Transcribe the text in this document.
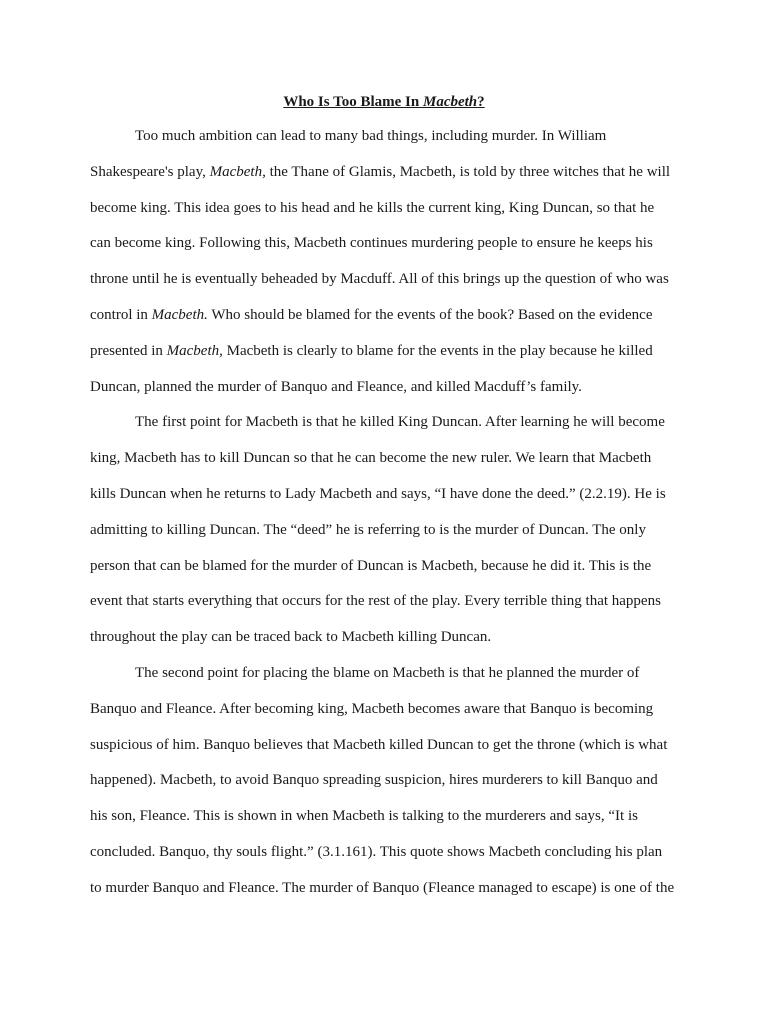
Who Is Too Blame In Macbeth?

Too much ambition can lead to many bad things, including murder. In William
Shakespeare's play, Macbeth, the Thane of Glamis, Macbeth, is told by three witches that he will
become king. This idea goes to his head and he kills the current king, King Duncan, so that he
can become king. Following this, Macbeth continues murdering people to ensure he keeps his
throne until he is eventually beheaded by Macduff. All of this brings up the question of who was
control in Macbeth. Who should be blamed for the events of the book? Based on the evidence
presented in Macbeth, Macbeth is clearly to blame for the events in the play because he killed
Duncan, planned the murder of Banquo and Fleance, and killed Macduff’s family.

The first point for Macbeth is that he killed King Duncan. After learning he will become
king, Macbeth has to kill Duncan so that he can become the new ruler. We learn that Macbeth
kills Duncan when he returns to Lady Macbeth and says, “I have done the deed.” (2.2.19). He is
admitting to killing Duncan. The “deed” he is referring to is the murder of Duncan. The only
person that can be blamed for the murder of Duncan is Macbeth, because he did it. This is the
event that starts everything that occurs for the rest of the play. Every terrible thing that happens
throughout the play can be traced back to Macbeth killing Duncan.

The second point for placing the blame on Macbeth is that he planned the murder of
Banquo and Fleance. After becoming king, Macbeth becomes aware that Banquo is becoming
suspicious of him. Banquo believes that Macbeth killed Duncan to get the throne (which is what
happened). Macbeth, to avoid Banquo spreading suspicion, hires murderers to kill Banquo and
his son, Fleance. This is shown in when Macbeth is talking to the murderers and says, “It is
concluded. Banquo, thy souls flight.” (3.1.161). This quote shows Macbeth concluding his plan
to murder Banquo and Fleance. The murder of Banquo (Fleance managed to escape) is one of the
